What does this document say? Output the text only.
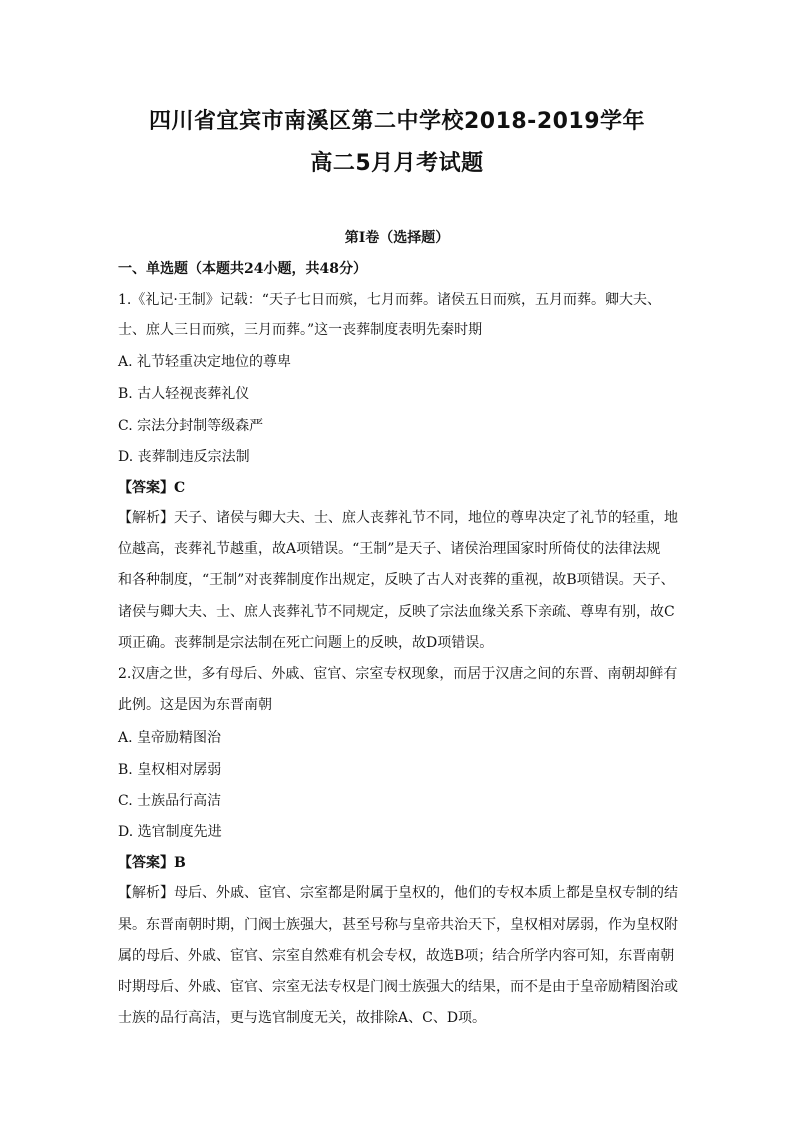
四川省宜宾市南溪区第二中学校2018-2019学年
高二5月月考试题
第I卷（选择题）
一、单选题（本题共24小题，共48分）
1.《礼记·王制》记载：“天子七日而殡，七月而葬。诸侯五日而殡，五月而葬。卿大夫、
士、庶人三日而殡，三月而葬。”这一丧葬制度表明先秦时期
A. 礼节轻重决定地位的尊卑
B. 古人轻视丧葬礼仪
C. 宗法分封制等级森严
D. 丧葬制违反宗法制
【答案】C
【解析】天子、诸侯与卿大夫、士、庶人丧葬礼节不同，地位的尊卑决定了礼节的轻重，地
位越高，丧葬礼节越重，故A项错误。“王制”是天子、诸侯治理国家时所倚仗的法律法规
和各种制度，“王制”对丧葬制度作出规定，反映了古人对丧葬的重视，故B项错误。天子、
诸侯与卿大夫、士、庶人丧葬礼节不同规定，反映了宗法血缘关系下亲疏、尊卑有别，故C
项正确。丧葬制是宗法制在死亡问题上的反映，故D项错误。
2.汉唐之世，多有母后、外戚、宦官、宗室专权现象，而居于汉唐之间的东晋、南朝却鲜有
此例。这是因为东晋南朝
A. 皇帝励精图治
B. 皇权相对孱弱
C. 士族品行高洁
D. 选官制度先进
【答案】B
【解析】母后、外戚、宦官、宗室都是附属于皇权的，他们的专权本质上都是皇权专制的结
果。东晋南朝时期，门阀士族强大，甚至号称与皇帝共治天下，皇权相对孱弱，作为皇权附
属的母后、外戚、宦官、宗室自然难有机会专权，故选B项；结合所学内容可知，东晋南朝
时期母后、外戚、宦官、宗室无法专权是门阀士族强大的结果，而不是由于皇帝励精图治或
士族的品行高洁，更与选官制度无关，故排除A、C、D项。
